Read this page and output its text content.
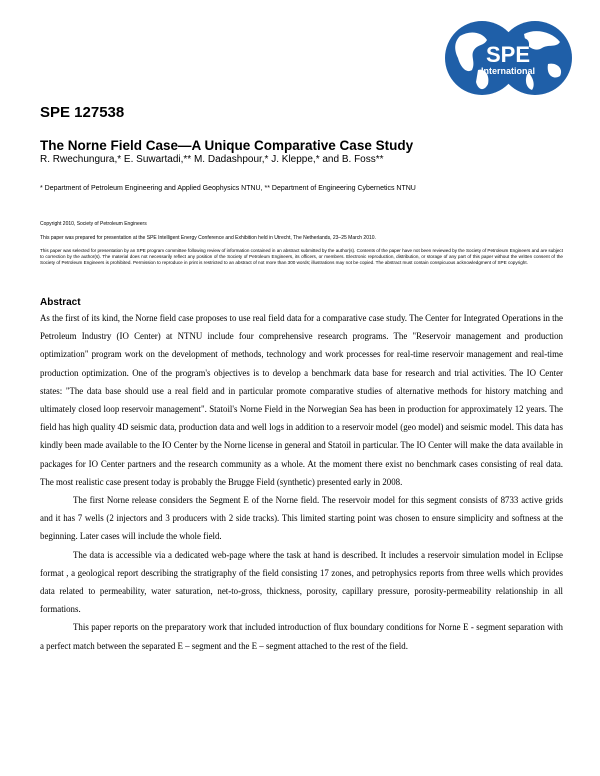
SPE
International
SPE 127538
The Norne Field Case—A Unique Comparative Case Study
R. Rwechungura,* E. Suwartadi,** M. Dadashpour,* J. Kleppe,* and B. Foss**
* Department of Petroleum Engineering and Applied Geophysics NTNU, ** Department of Engineering Cybernetics NTNU
Copyright 2010, Society of Petroleum Engineers
This paper was prepared for presentation at the SPE Intelligent Energy Conference and Exhibition held in Utrecht, The Netherlands, 23–25 March 2010.
This paper was selected for presentation by an SPE program committee following review of information contained in an abstract submitted by the author(s). Contents of the paper have not been reviewed by the Society of Petroleum Engineers and are subject to correction by the author(s). The material does not necessarily reflect any position of the Society of Petroleum Engineers, its officers, or members. Electronic reproduction, distribution, or storage of any part of this paper without the written consent of the Society of Petroleum Engineers is prohibited. Permission to reproduce in print is restricted to an abstract of not more than 300 words; illustrations may not be copied. The abstract must contain conspicuous acknowledgment of SPE copyright.
Abstract

As the first of its kind, the Norne field case proposes to use real field data for a comparative case study. The Center for Integrated Operations in the Petroleum Industry (IO Center) at NTNU include four comprehensive research programs. The "Reservoir management and production optimization" program work on the development of methods, technology and work processes for real-time reservoir management and real-time production optimization. One of the program's objectives is to develop a benchmark data base for research and trial activities. The IO Center states: "The data base should use a real field and in particular promote comparative studies of alternative methods for history matching and ultimately closed loop reservoir management". Statoil's Norne Field in the Norwegian Sea has been in production for approximately 12 years. The field has high quality 4D seismic data, production data and well logs in addition to a reservoir model (geo model) and seismic model. This data has kindly been made available to the IO Center by the Norne license in general and Statoil in particular. The IO Center will make the data available in packages for IO Center partners and the research community as a whole. At the moment there exist no benchmark cases consisting of real data. The most realistic case present today is probably the Brugge Field (synthetic) presented early in 2008.

The first Norne release considers the Segment E of the Norne field. The reservoir model for this segment consists of 8733 active grids and it has 7 wells (2 injectors and 3 producers with 2 side tracks). This limited starting point was chosen to ensure simplicity and softness at the beginning. Later cases will include the whole field.

The data is accessible via a dedicated web-page where the task at hand is described. It includes a reservoir simulation model in Eclipse format , a geological report describing the stratigraphy of the field consisting 17 zones, and petrophysics reports from three wells which provides data related to permeability, water saturation, net-to-gross, thickness, porosity, capillary pressure, porosity-permeability relationship in all formations.

This paper reports on the preparatory work that included introduction of flux boundary conditions for Norne E - segment separation with a perfect match between the separated E – segment and the E – segment attached to the rest of the field.
